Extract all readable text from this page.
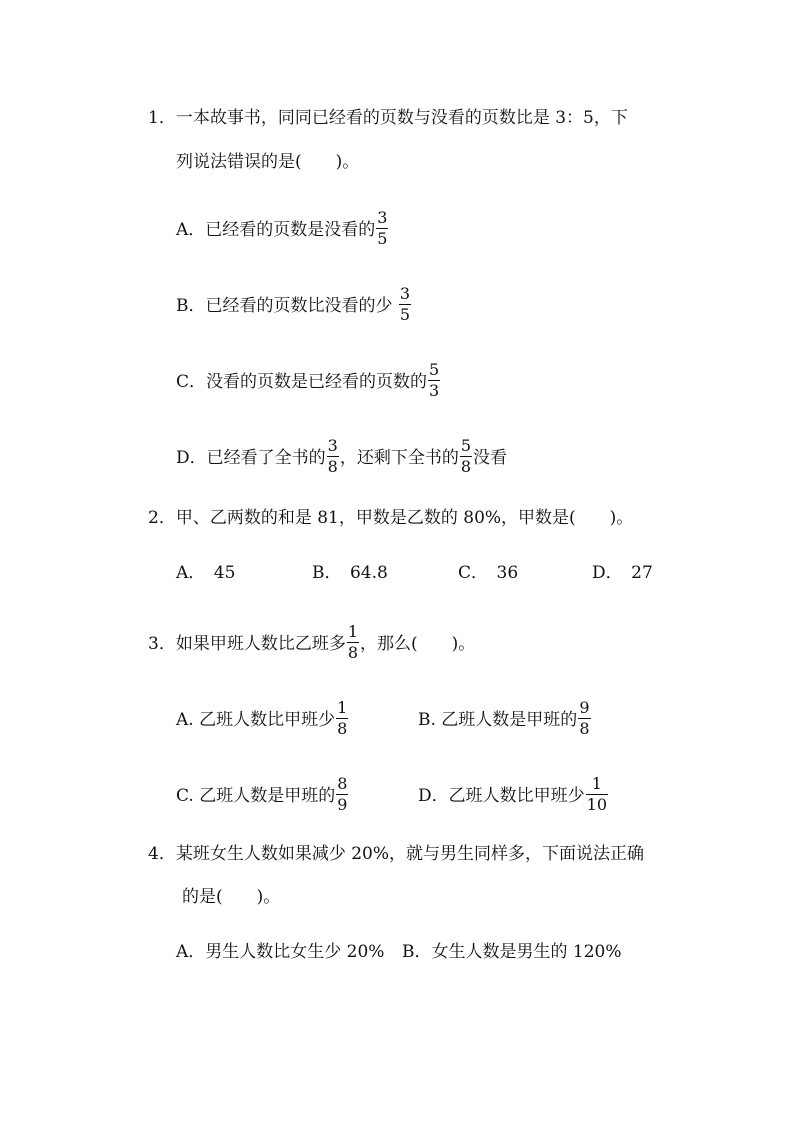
1．一本故事书，同同已经看的页数与没看的页数比是 3：5，下
列说法错误的是(　　)。
A．已经看的页数是没看的 $\frac{3}{5}$
B．已经看的页数比没看的少 $\frac{3}{5}$
C．没看的页数是已经看的页数的 $\frac{5}{3}$
D．已经看了全书的 $\frac{3}{8}$ ，还剩下全书的 $\frac{5}{8}$ 没看
2．甲、乙两数的和是 81，甲数是乙数的 80%，甲数是(　　)。
A．　45	B．　64.8	C．　36	D．　27
3．如果甲班人数比乙班多 $\frac{1}{8}$ ，那么(　　)。
A. 乙班人数比甲班少 $\frac{1}{8}$	B. 乙班人数是甲班的 $\frac{9}{8}$
C. 乙班人数是甲班的 $\frac{8}{9}$	D．乙班人数比甲班少 $\frac{1}{10}$
4．某班女生人数如果减少 20%，就与男生同样多，下面说法正确
的是(　　)。
A．男生人数比女生少 20% B．女生人数是男生的 120%
